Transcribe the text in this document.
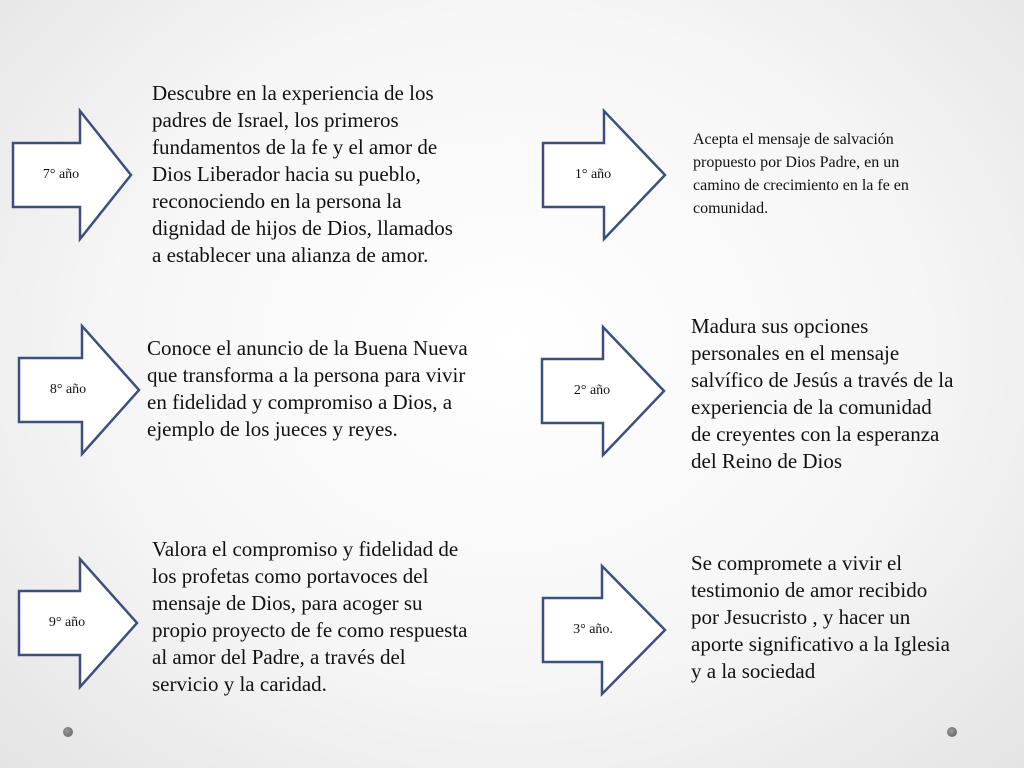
7° año
Descubre en la experiencia de los
padres de Israel, los primeros
fundamentos de la fe y el amor de
Dios Liberador hacia su pueblo,
reconociendo en la persona la
dignidad de hijos de Dios, llamados
a establecer una alianza de amor.
8° año
Conoce el anuncio de la Buena Nueva
que transforma a la persona para vivir
en fidelidad y compromiso a Dios, a
ejemplo de los jueces y reyes.
9° año
Valora el compromiso y fidelidad de
los profetas como portavoces del
mensaje de Dios, para acoger su
propio proyecto de fe como respuesta
al amor del Padre, a través del
servicio y la caridad.
1° año
Acepta el mensaje de salvación
propuesto por Dios Padre, en un
camino de crecimiento en la fe en
comunidad.
2° año
Madura sus opciones
personales en el mensaje
salvífico de Jesús a través de la
experiencia de la comunidad
de creyentes con la esperanza
del Reino de Dios
3° año.
Se compromete a vivir el
testimonio de amor recibido
por Jesucristo , y hacer un
aporte significativo a la Iglesia
y a la sociedad
